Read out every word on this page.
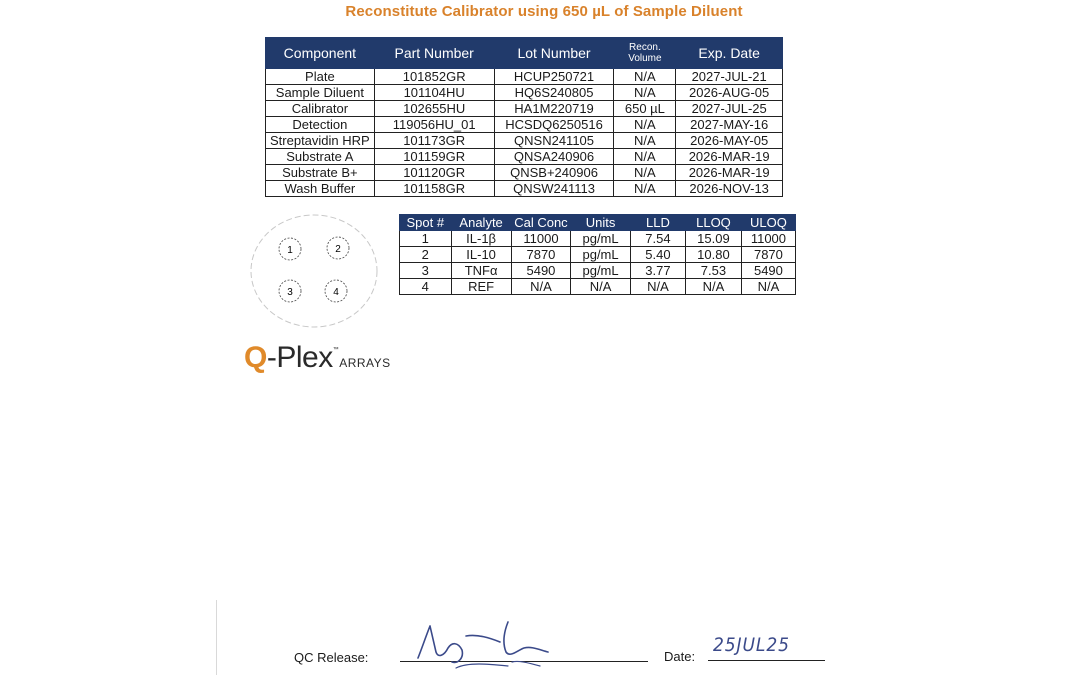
Reconstitute Calibrator using 650 µL of Sample Diluent
Component	Part Number	Lot Number	Recon. Volume	Exp. Date
Plate	101852GR	HCUP250721	N/A	2027-JUL-21
Sample Diluent	101104HU	HQ6S240805	N/A	2026-AUG-05
Calibrator	102655HU	HA1M220719	650 µL	2027-JUL-25
Detection	119056HU_01	HCSDQ6250516	N/A	2027-MAY-16
Streptavidin HRP	101173GR	QNSN241105	N/A	2026-MAY-05
Substrate A	101159GR	QNSA240906	N/A	2026-MAR-19
Substrate B+	101120GR	QNSB+240906	N/A	2026-MAR-19
Wash Buffer	101158GR	QNSW241113	N/A	2026-NOV-13
1	2
3	4
Spot #	Analyte	Cal Conc	Units	LLD	LLOQ	ULOQ
1	IL-1β	11000	pg/mL	7.54	15.09	11000
2	IL-10	7870	pg/mL	5.40	10.80	7870
3	TNFα	5490	pg/mL	3.77	7.53	5490
4	REF	N/A	N/A	N/A	N/A	N/A
Q-Plex™ARRAYS
QC Release:	Date:
25JUL25
